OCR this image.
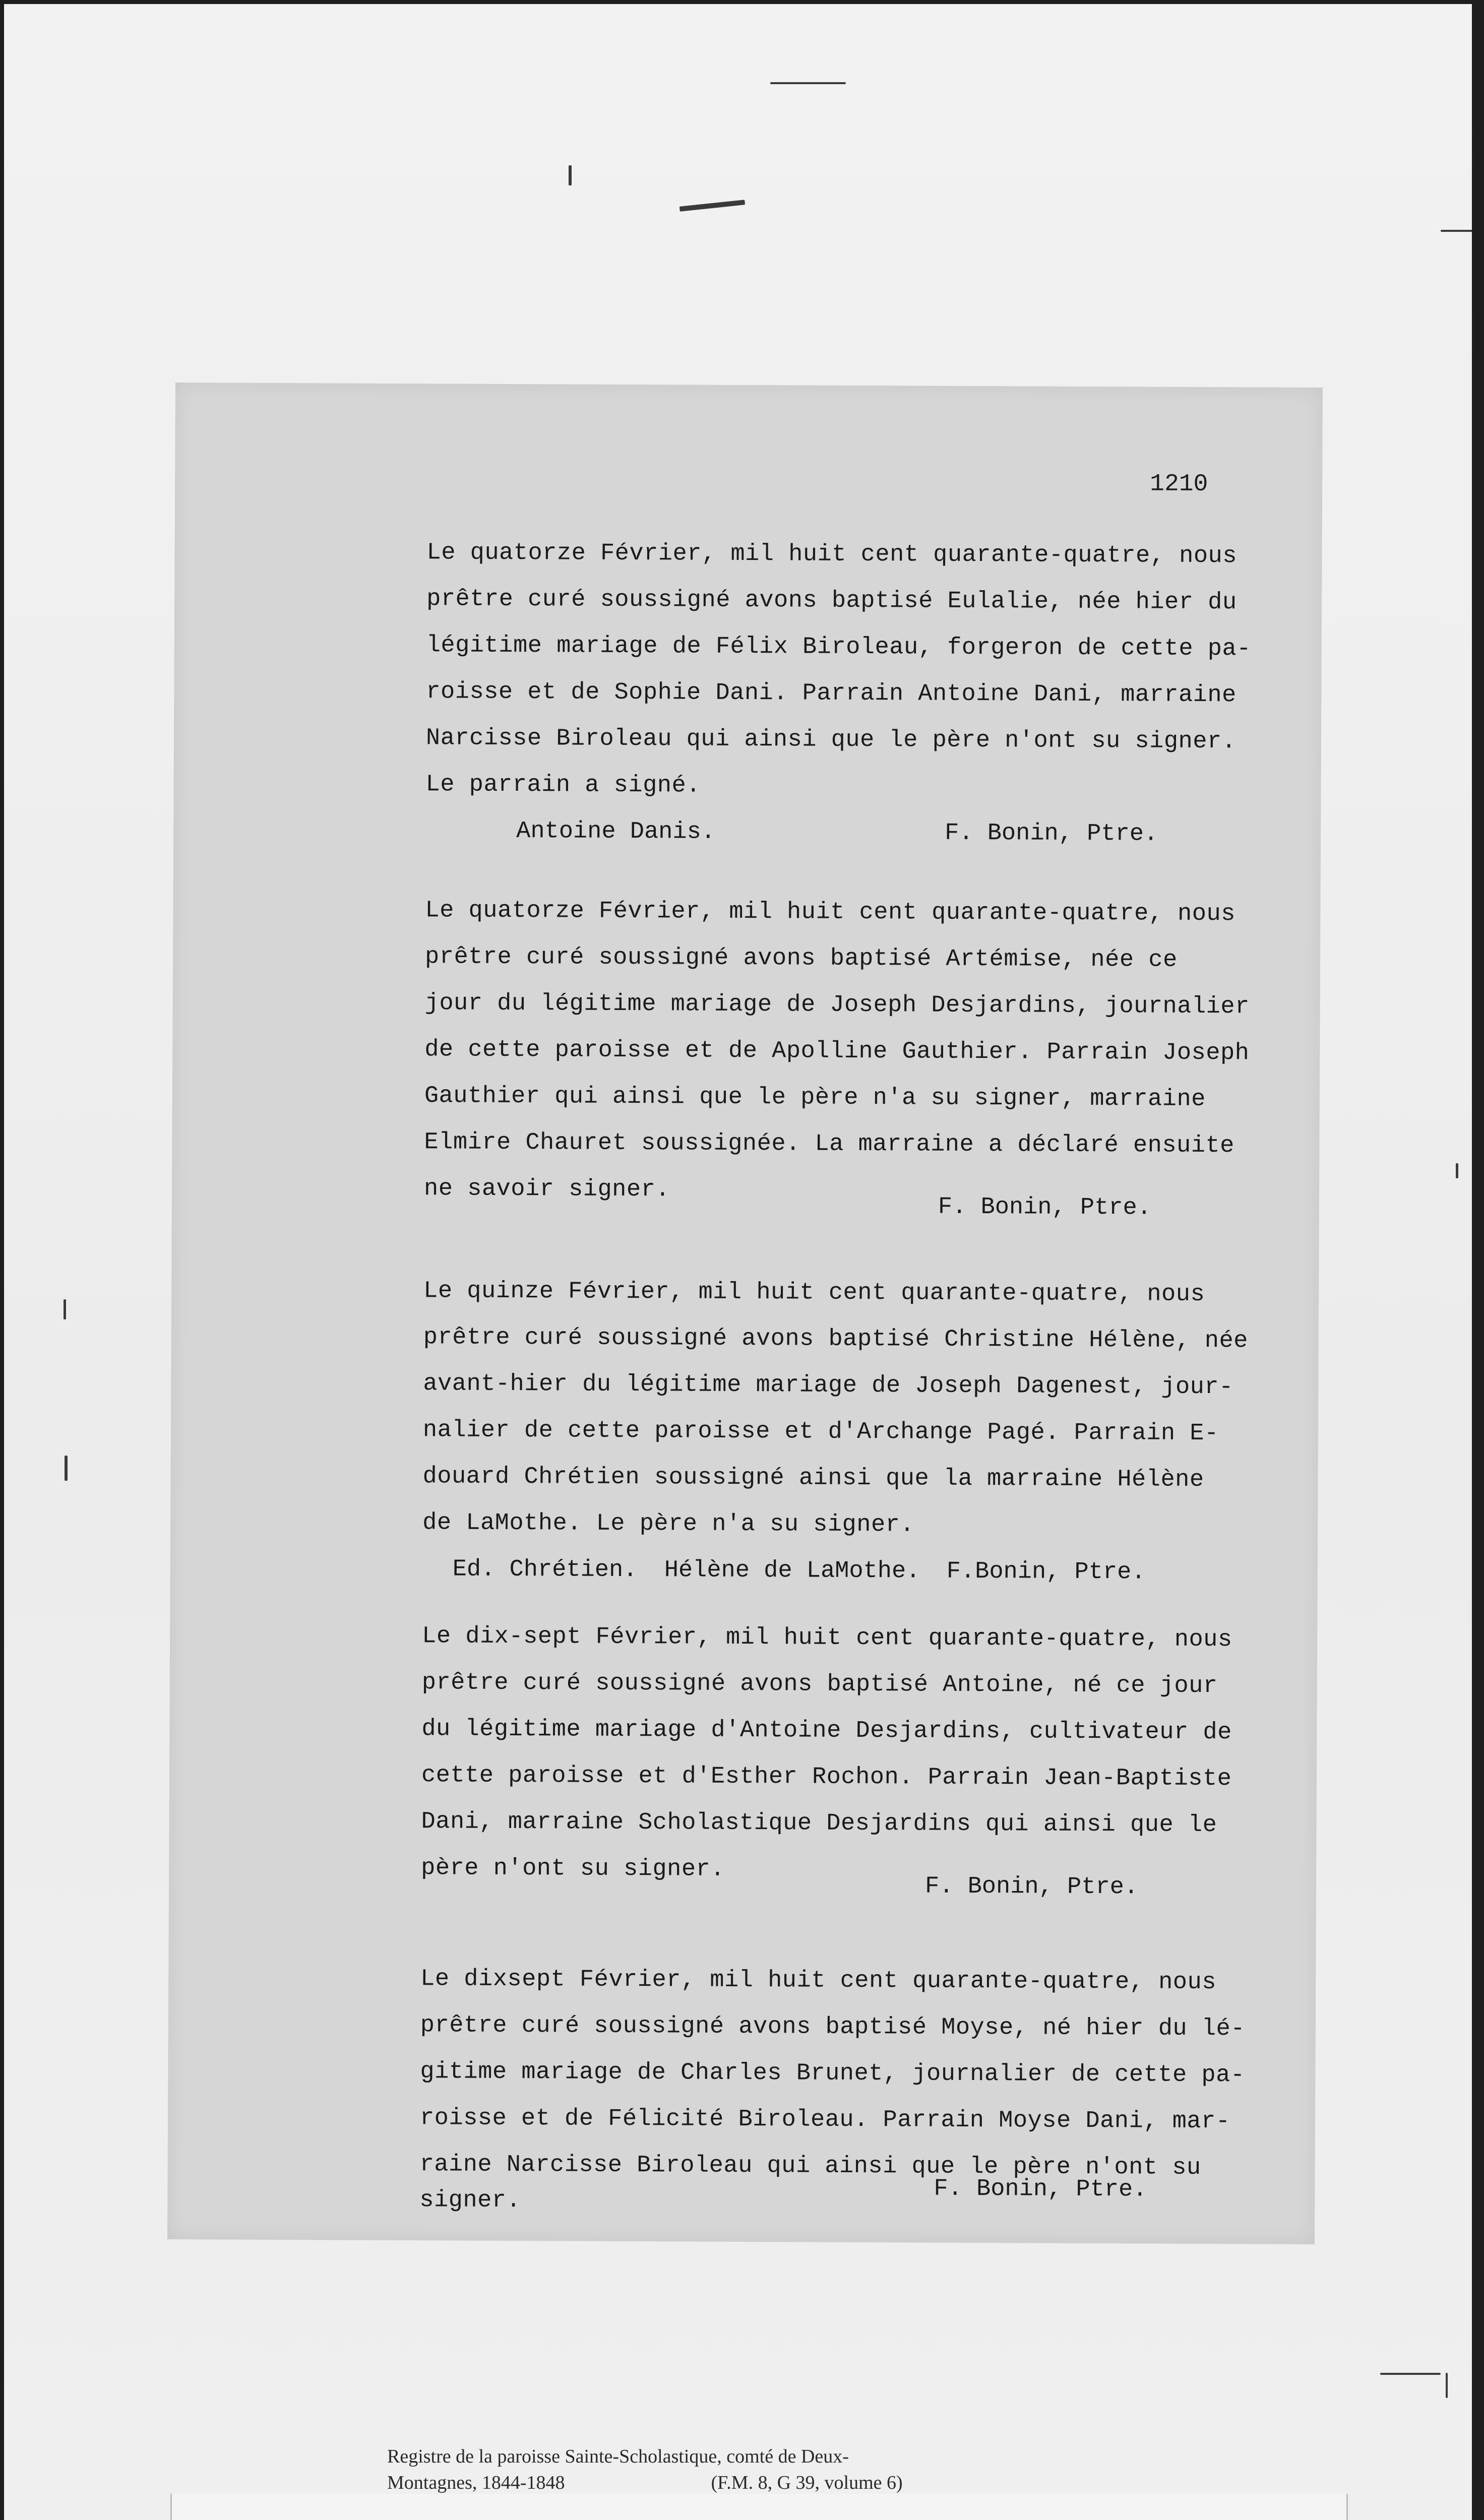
1210
Le quatorze Février, mil huit cent quarante-quatre, nous
prêtre curé soussigné avons baptisé Eulalie, née hier du
légitime mariage de Félix Biroleau, forgeron de cette pa-
roisse et de Sophie Dani. Parrain Antoine Dani, marraine
Narcisse Biroleau qui ainsi que le père n'ont su signer.
Le parrain a signé.

Antoine Danis.

	F. Bonin, Ptre.

Le quatorze Février, mil huit cent quarante-quatre, nous
prêtre curé soussigné avons baptisé Artémise, née ce
jour du légitime mariage de Joseph Desjardins, journalier
de cette paroisse et de Apolline Gauthier. Parrain Joseph
Gauthier qui ainsi que le père n'a su signer, marraine
Elmire Chauret soussignée. La marraine a déclaré ensuite
ne savoir signer.

F. Bonin, Ptre.

Le quinze Février, mil huit cent quarante-quatre, nous
prêtre curé soussigné avons baptisé Christine Hélène, née
avant-hier du légitime mariage de Joseph Dagenest, jour-
nalier de cette paroisse et d'Archange Pagé. Parrain E-
douard Chrétien soussigné ainsi que la marraine Hélène
de LaMothe. Le père n'a su signer.

Ed. Chrétien.

Hélène de LaMothe.

F.Bonin, Ptre.

Le dix-sept Février, mil huit cent quarante-quatre, nous
prêtre curé soussigné avons baptisé Antoine, né ce jour
du légitime mariage d'Antoine Desjardins, cultivateur de
cette paroisse et d'Esther Rochon. Parrain Jean-Baptiste
Dani, marraine Scholastique Desjardins qui ainsi que le
père n'ont su signer.

F. Bonin, Ptre.

Le dixsept Février, mil huit cent quarante-quatre, nous
prêtre curé soussigné avons baptisé Moyse, né hier du lé-
gitime mariage de Charles Brunet, journalier de cette pa-
roisse et de Félicité Biroleau. Parrain Moyse Dani, mar-
raine Narcisse Biroleau qui ainsi que le père n'ont su
signer.

	F. Bonin, Ptre.

Registre de la paroisse Sainte-Scholastique, comté de Deux-
Montagnes, 1844-1848	(F.M. 8, G 39, volume 6)
